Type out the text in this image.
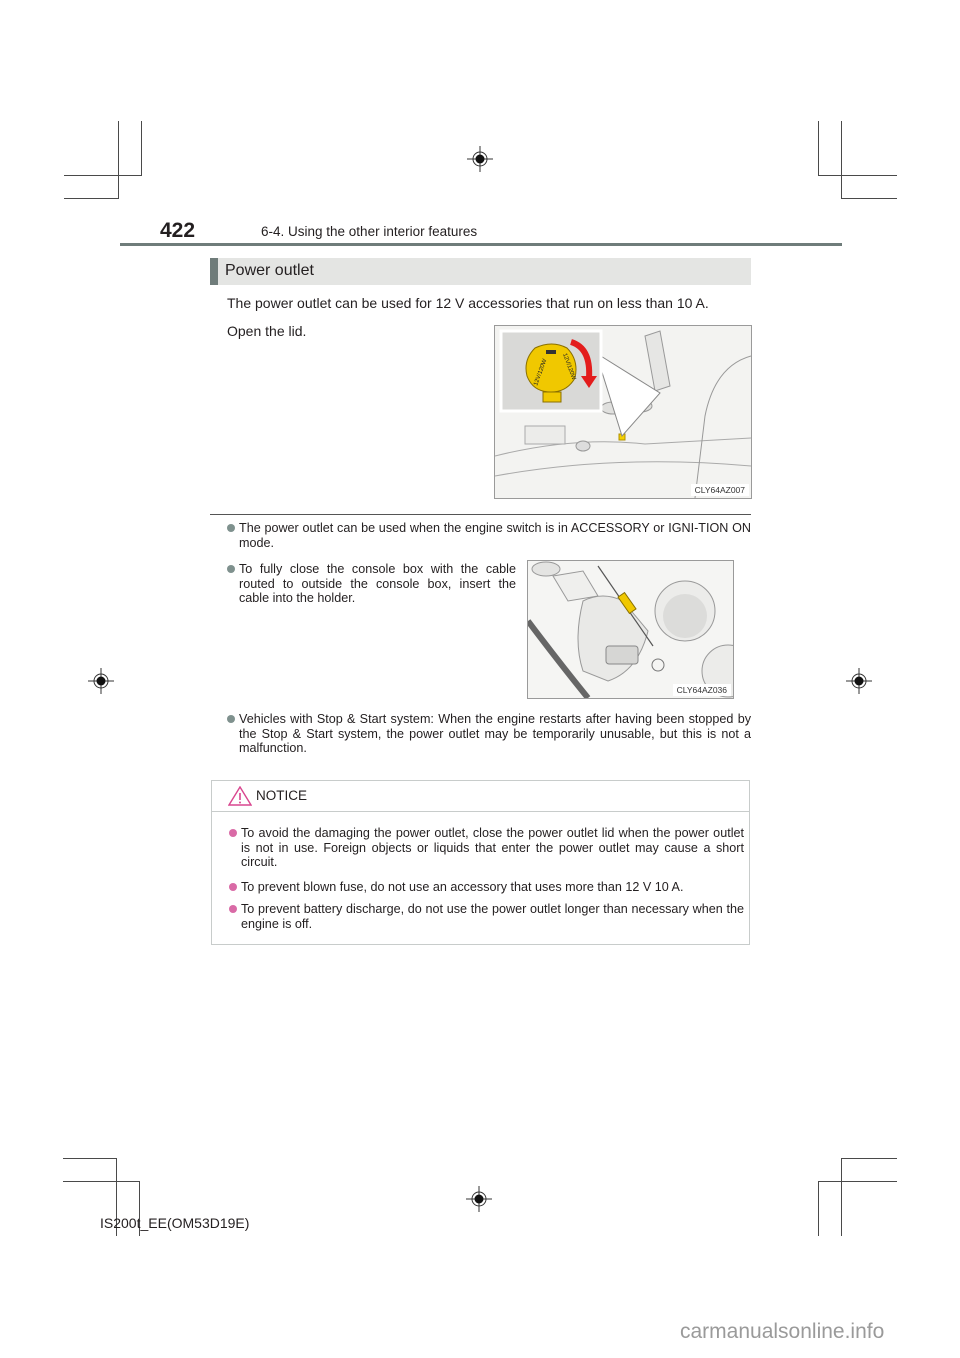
422	6-4. Using the other interior features
Power outlet
The power outlet can be used for 12 V accessories that run on less than 10 A.
Open the lid.
12V/120W 12V/120W
CLY64AZ007
The power outlet can be used when the engine switch is in ACCESSORY or IGNI-TION ON mode.
To fully close the console box with the cable routed to outside the console box, insert the cable into the holder.
CLY64AZ036
Vehicles with Stop & Start system: When the engine restarts after having been stopped by the Stop & Start system, the power outlet may be temporarily unusable, but this is not a malfunction.
NOTICE
To avoid the damaging the power outlet, close the power outlet lid when the power outlet is not in use. Foreign objects or liquids that enter the power outlet may cause a short circuit.
To prevent blown fuse, do not use an accessory that uses more than 12 V 10 A.
To prevent battery discharge, do not use the power outlet longer than necessary when the engine is off.
IS200t_EE(OM53D19E)
carmanualsonline.info
